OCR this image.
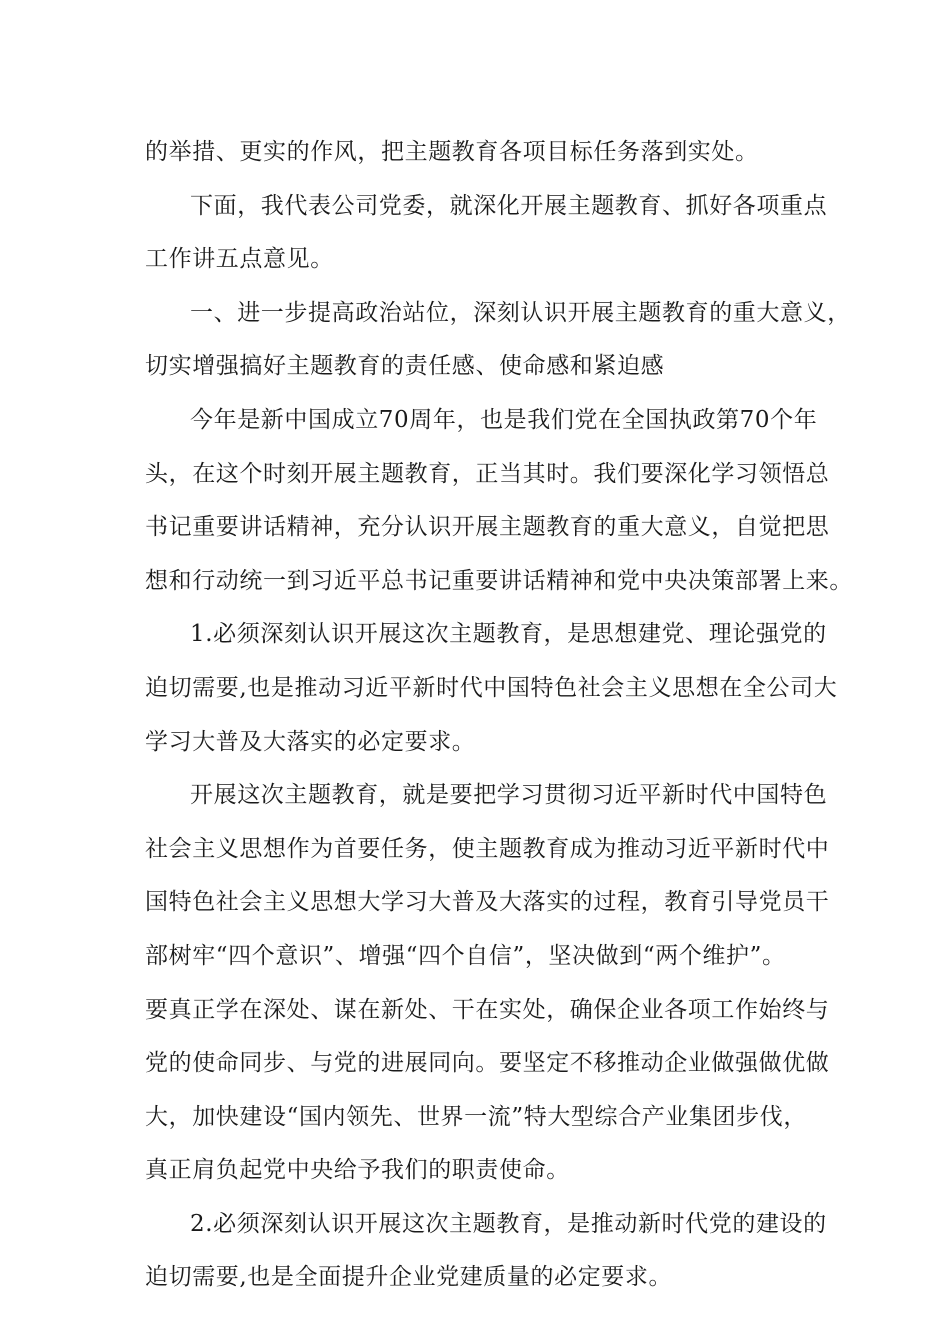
的举措、更实的作风，把主题教育各项目标任务落到实处。
下面，我代表公司党委，就深化开展主题教育、抓好各项重点
工作讲五点意见。
一、进一步提高政治站位，深刻认识开展主题教育的重大意义，
切实增强搞好主题教育的责任感、使命感和紧迫感
今年是新中国成立70周年，也是我们党在全国执政第70个年
头，在这个时刻开展主题教育，正当其时。我们要深化学习领悟总
书记重要讲话精神，充分认识开展主题教育的重大意义，自觉把思
想和行动统一到习近平总书记重要讲话精神和党中央决策部署上来。
1.必须深刻认识开展这次主题教育，是思想建党、理论强党的
迫切需要,也是推动习近平新时代中国特色社会主义思想在全公司大
学习大普及大落实的必定要求。
开展这次主题教育，就是要把学习贯彻习近平新时代中国特色
社会主义思想作为首要任务，使主题教育成为推动习近平新时代中
国特色社会主义思想大学习大普及大落实的过程，教育引导党员干
部树牢“四个意识”、增强“四个自信”，坚决做到“两个维护”。
要真正学在深处、谋在新处、干在实处，确保企业各项工作始终与
党的使命同步、与党的进展同向。要坚定不移推动企业做强做优做
大，加快建设“国内领先、世界一流”特大型综合产业集团步伐，
真正肩负起党中央给予我们的职责使命。
2.必须深刻认识开展这次主题教育，是推动新时代党的建设的
迫切需要,也是全面提升企业党建质量的必定要求。
